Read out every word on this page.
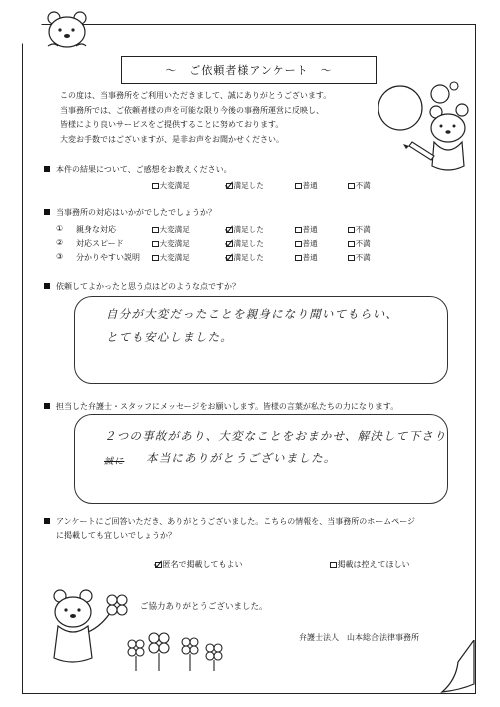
～　ご依頼者様アンケート　～
この度は、当事務所をご利用いただきまして、誠にありがとうございます。
当事務所では、ご依頼者様の声を可能な限り今後の事務所運営に反映し、
皆様により良いサービスをご提供することに努めております。
大変お手数ではございますが、是非お声をお聞かせください。
本件の結果について、ご感想をお教えください。
大変満足	満足した	普通	不満
当事務所の対応はいかがでしたでしょうか？
① 親身な対応	大変満足	満足した	普通	不満
② 対応スピード	大変満足	満足した	普通	不満
③ 分かりやすい説明	大変満足	満足した	普通	不満
依頼してよかったと思う点はどのような点ですか？
自分が大変だったことを親身になり聞いてもらい、
とても安心しました。
担当した弁護士・スタッフにメッセージをお願いします。皆様の言葉が私たちの力になります。
２つの事故があり、大変なことをおまかせ、解決して下さり
誠に 本当にありがとうございました。
アンケートにご回答いただき、ありがとうございました。こちらの情報を、当事務所のホームページ
に掲載しても宜しいでしょうか？
匿名で掲載してもよい	掲載は控えてほしい
ご協力ありがとうございました。
弁護士法人　山本総合法律事務所
